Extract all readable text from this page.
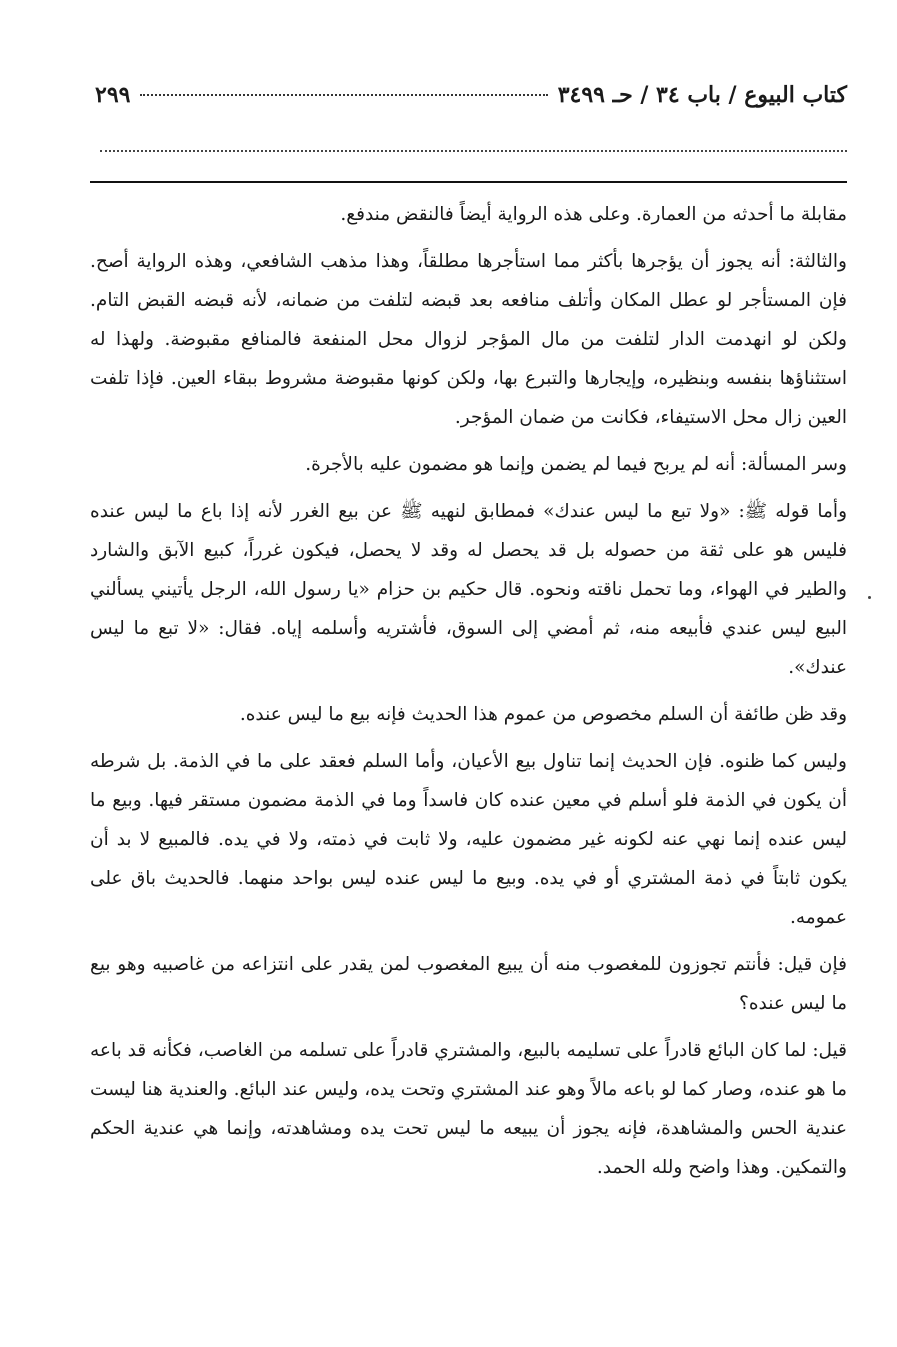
كتاب البيوع / باب ٣٤ / حـ ٣٤٩٩
٢٩٩

مقابلة ما أحدثه من العمارة. وعلى هذه الرواية أيضاً فالنقض مندفع.

والثالثة: أنه يجوز أن يؤجرها بأكثر مما استأجرها مطلقاً، وهذا مذهب الشافعي، وهذه الرواية أصح. فإن المستأجر لو عطل المكان وأتلف منافعه بعد قبضه لتلفت من ضمانه، لأنه قبضه القبض التام. ولكن لو انهدمت الدار لتلفت من مال المؤجر لزوال محل المنفعة فالمنافع مقبوضة. ولهذا له استثناؤها بنفسه وبنظيره، وإيجارها والتبرع بها، ولكن كونها مقبوضة مشروط ببقاء العين. فإذا تلفت العين زال محل الاستيفاء، فكانت من ضمان المؤجر.

وسر المسألة: أنه لم يربح فيما لم يضمن وإنما هو مضمون عليه بالأجرة.

وأما قوله ﷺ: «ولا تبع ما ليس عندك» فمطابق لنهيه ﷺ عن بيع الغرر لأنه إذا باع ما ليس عنده فليس هو على ثقة من حصوله بل قد يحصل له وقد لا يحصل، فيكون غرراً، كبيع الآبق والشارد والطير في الهواء، وما تحمل ناقته ونحوه. قال حكيم بن حزام «يا رسول الله، الرجل يأتيني يسألني البيع ليس عندي فأبيعه منه، ثم أمضي إلى السوق، فأشتريه وأسلمه إياه. فقال: «لا تبع ما ليس عندك».

وقد ظن طائفة أن السلم مخصوص من عموم هذا الحديث فإنه بيع ما ليس عنده.

وليس كما ظنوه. فإن الحديث إنما تناول بيع الأعيان، وأما السلم فعقد على ما في الذمة. بل شرطه أن يكون في الذمة فلو أسلم في معين عنده كان فاسداً وما في الذمة مضمون مستقر فيها. وبيع ما ليس عنده إنما نهي عنه لكونه غير مضمون عليه، ولا ثابت في ذمته، ولا في يده. فالمبيع لا بد أن يكون ثابتاً في ذمة المشتري أو في يده. وبيع ما ليس عنده ليس بواحد منهما. فالحديث باق على عمومه.

فإن قيل: فأنتم تجوزون للمغصوب منه أن يبيع المغصوب لمن يقدر على انتزاعه من غاصبيه وهو بيع ما ليس عنده؟

قيل: لما كان البائع قادراً على تسليمه بالبيع، والمشتري قادراً على تسلمه من الغاصب، فكأنه قد باعه ما هو عنده، وصار كما لو باعه مالاً وهو عند المشتري وتحت يده، وليس عند البائع. والعندية هنا ليست عندية الحس والمشاهدة، فإنه يجوز أن يبيعه ما ليس تحت يده ومشاهدته، وإنما هي عندية الحكم والتمكين. وهذا واضح ولله الحمد.
